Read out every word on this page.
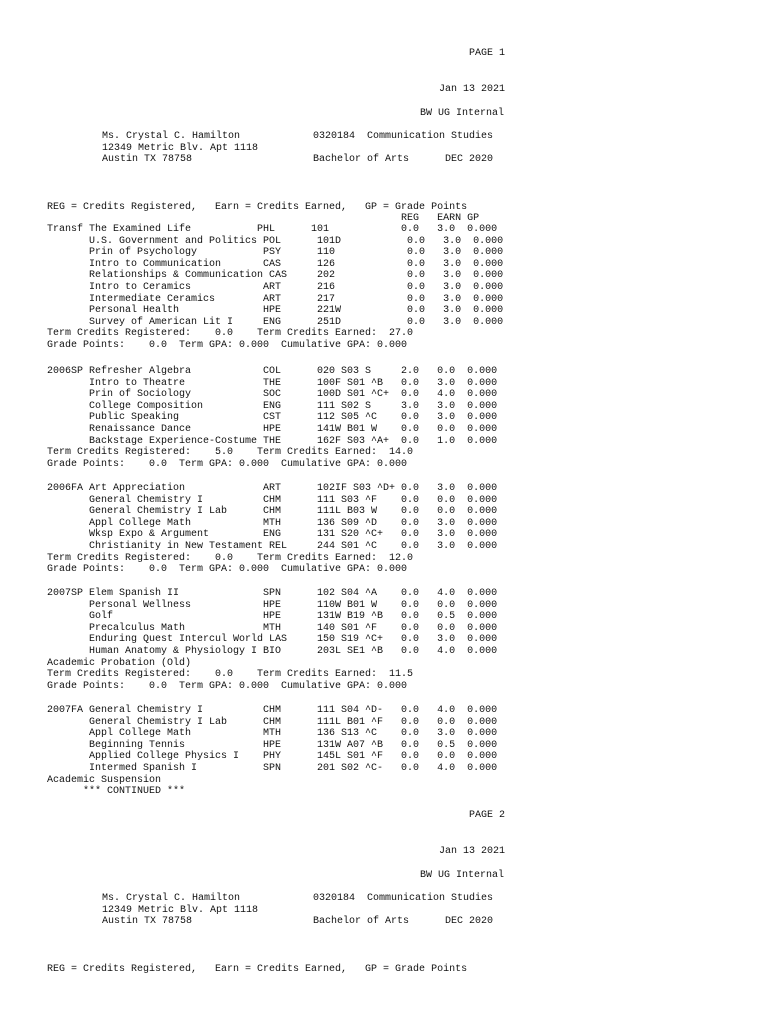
PAGE 1
Jan 13 2021
BW UG Internal
Ms. Crystal C. Hamilton
12349 Metric Blv. Apt 1118
Austin TX 78758
0320184  Communication Studies
Bachelor of Arts      DEC 2020
REG = Credits Registered,   Earn = Credits Earned,   GP = Grade Points
REG   EARN GP
Transf The Examined Life           PHL      101            0.0   3.0  0.000
U.S. Government and Politics POL      101D           0.0   3.0  0.000
Prin of Psychology           PSY      110            0.0   3.0  0.000
Intro to Communication       CAS      126            0.0   3.0  0.000
Relationships & Communication CAS     202            0.0   3.0  0.000
Intro to Ceramics            ART      216            0.0   3.0  0.000
Intermediate Ceramics        ART      217            0.0   3.0  0.000
Personal Health              HPE      221W           0.0   3.0  0.000
Survey of American Lit I     ENG      251D           0.0   3.0  0.000
Term Credits Registered:    0.0    Term Credits Earned:  27.0
Grade Points:    0.0  Term GPA: 0.000  Cumulative GPA: 0.000
2006SP Refresher Algebra            COL      020 S03 S     2.0   0.0  0.000
Intro to Theatre             THE      100F S01 ^B   0.0   3.0  0.000
Prin of Sociology            SOC      100D S01 ^C+  0.0   4.0  0.000
College Composition          ENG      111 S02 S     3.0   3.0  0.000
Public Speaking              CST      112 S05 ^C    0.0   3.0  0.000
Renaissance Dance            HPE      141W B01 W    0.0   0.0  0.000
Backstage Experience-Costume THE      162F S03 ^A+  0.0   1.0  0.000
Term Credits Registered:    5.0    Term Credits Earned:  14.0
Grade Points:    0.0  Term GPA: 0.000  Cumulative GPA: 0.000
2006FA Art Appreciation             ART      102IF S03 ^D+ 0.0   3.0  0.000
General Chemistry I          CHM      111 S03 ^F    0.0   0.0  0.000
General Chemistry I Lab      CHM      111L B03 W    0.0   0.0  0.000
Appl College Math            MTH      136 S09 ^D    0.0   3.0  0.000
Wksp Expo & Argument         ENG      131 S20 ^C+   0.0   3.0  0.000
Christianity in New Testament REL     244 S01 ^C    0.0   3.0  0.000
Term Credits Registered:    0.0    Term Credits Earned:  12.0
Grade Points:    0.0  Term GPA: 0.000  Cumulative GPA: 0.000
2007SP Elem Spanish II              SPN      102 S04 ^A    0.0   4.0  0.000
Personal Wellness            HPE      110W B01 W    0.0   0.0  0.000
Golf                         HPE      131W B19 ^B   0.0   0.5  0.000
Precalculus Math             MTH      140 S01 ^F    0.0   0.0  0.000
Enduring Quest Intercul World LAS     150 S19 ^C+   0.0   3.0  0.000
Human Anatomy & Physiology I BIO      203L SE1 ^B   0.0   4.0  0.000
Academic Probation (Old)
Term Credits Registered:    0.0    Term Credits Earned:  11.5
Grade Points:    0.0  Term GPA: 0.000  Cumulative GPA: 0.000
2007FA General Chemistry I          CHM      111 S04 ^D-   0.0   4.0  0.000
General Chemistry I Lab      CHM      111L B01 ^F   0.0   0.0  0.000
Appl College Math            MTH      136 S13 ^C    0.0   3.0  0.000
Beginning Tennis             HPE      131W A07 ^B   0.0   0.5  0.000
Applied College Physics I    PHY      145L S01 ^F   0.0   0.0  0.000
Intermed Spanish I           SPN      201 S02 ^C-   0.0   4.0  0.000
Academic Suspension
*** CONTINUED ***
PAGE 2
Jan 13 2021
BW UG Internal
Ms. Crystal C. Hamilton
12349 Metric Blv. Apt 1118
Austin TX 78758
0320184  Communication Studies
Bachelor of Arts      DEC 2020
REG = Credits Registered,   Earn = Credits Earned,   GP = Grade Points
